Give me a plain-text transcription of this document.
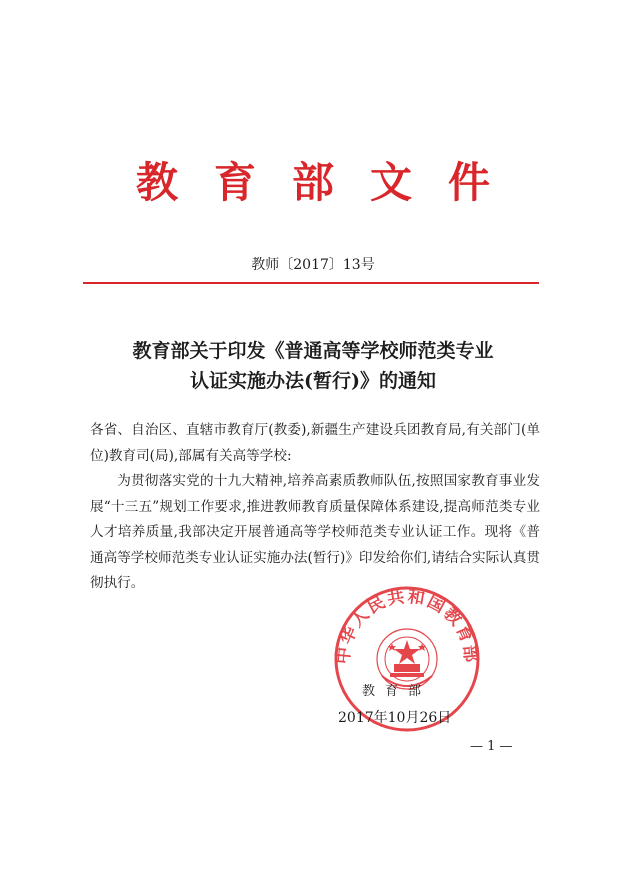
教育部文件
教师〔2017〕13号
教育部关于印发《普通高等学校师范类专业
认证实施办法(暂行)》的通知

各省、自治区、直辖市教育厅(教委),新疆生产建设兵团教育局,有关部门(单位)教育司(局),部属有关高等学校:

为贯彻落实党的十九大精神,培养高素质教师队伍,按照国家教育事业发展“十三五”规划工作要求,推进教师教育质量保障体系建设,提高师范类专业人才培养质量,我部决定开展普通高等学校师范类专业认证工作。现将《普通高等学校师范类专业认证实施办法(暂行)》印发给你们,请结合实际认真贯彻执行。

中华人民共和国教育部
教育部
2017年10月26日
— 1 —
